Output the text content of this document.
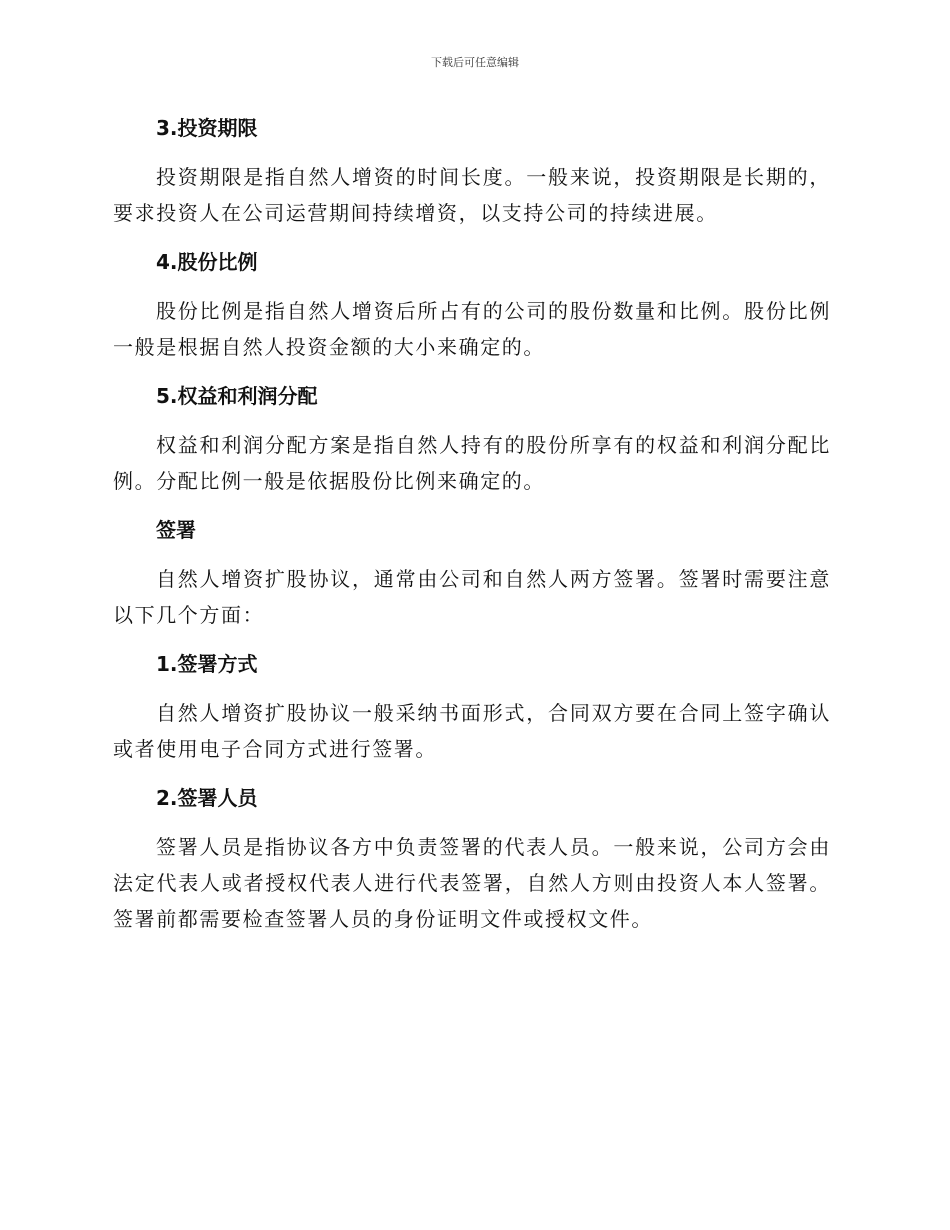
下载后可任意编辑
3.投资期限

投资期限是指自然人增资的时间长度。一般来说，投资期限是长期的，要求投资人在公司运营期间持续增资，以支持公司的持续进展。

4.股份比例

股份比例是指自然人增资后所占有的公司的股份数量和比例。股份比例一般是根据自然人投资金额的大小来确定的。

5.权益和利润分配

权益和利润分配方案是指自然人持有的股份所享有的权益和利润分配比例。分配比例一般是依据股份比例来确定的。

签署

自然人增资扩股协议，通常由公司和自然人两方签署。签署时需要注意以下几个方面：

1.签署方式

自然人增资扩股协议一般采纳书面形式，合同双方要在合同上签字确认或者使用电子合同方式进行签署。

2.签署人员

签署人员是指协议各方中负责签署的代表人员。一般来说，公司方会由法定代表人或者授权代表人进行代表签署，自然人方则由投资人本人签署。签署前都需要检查签署人员的身份证明文件或授权文件。
